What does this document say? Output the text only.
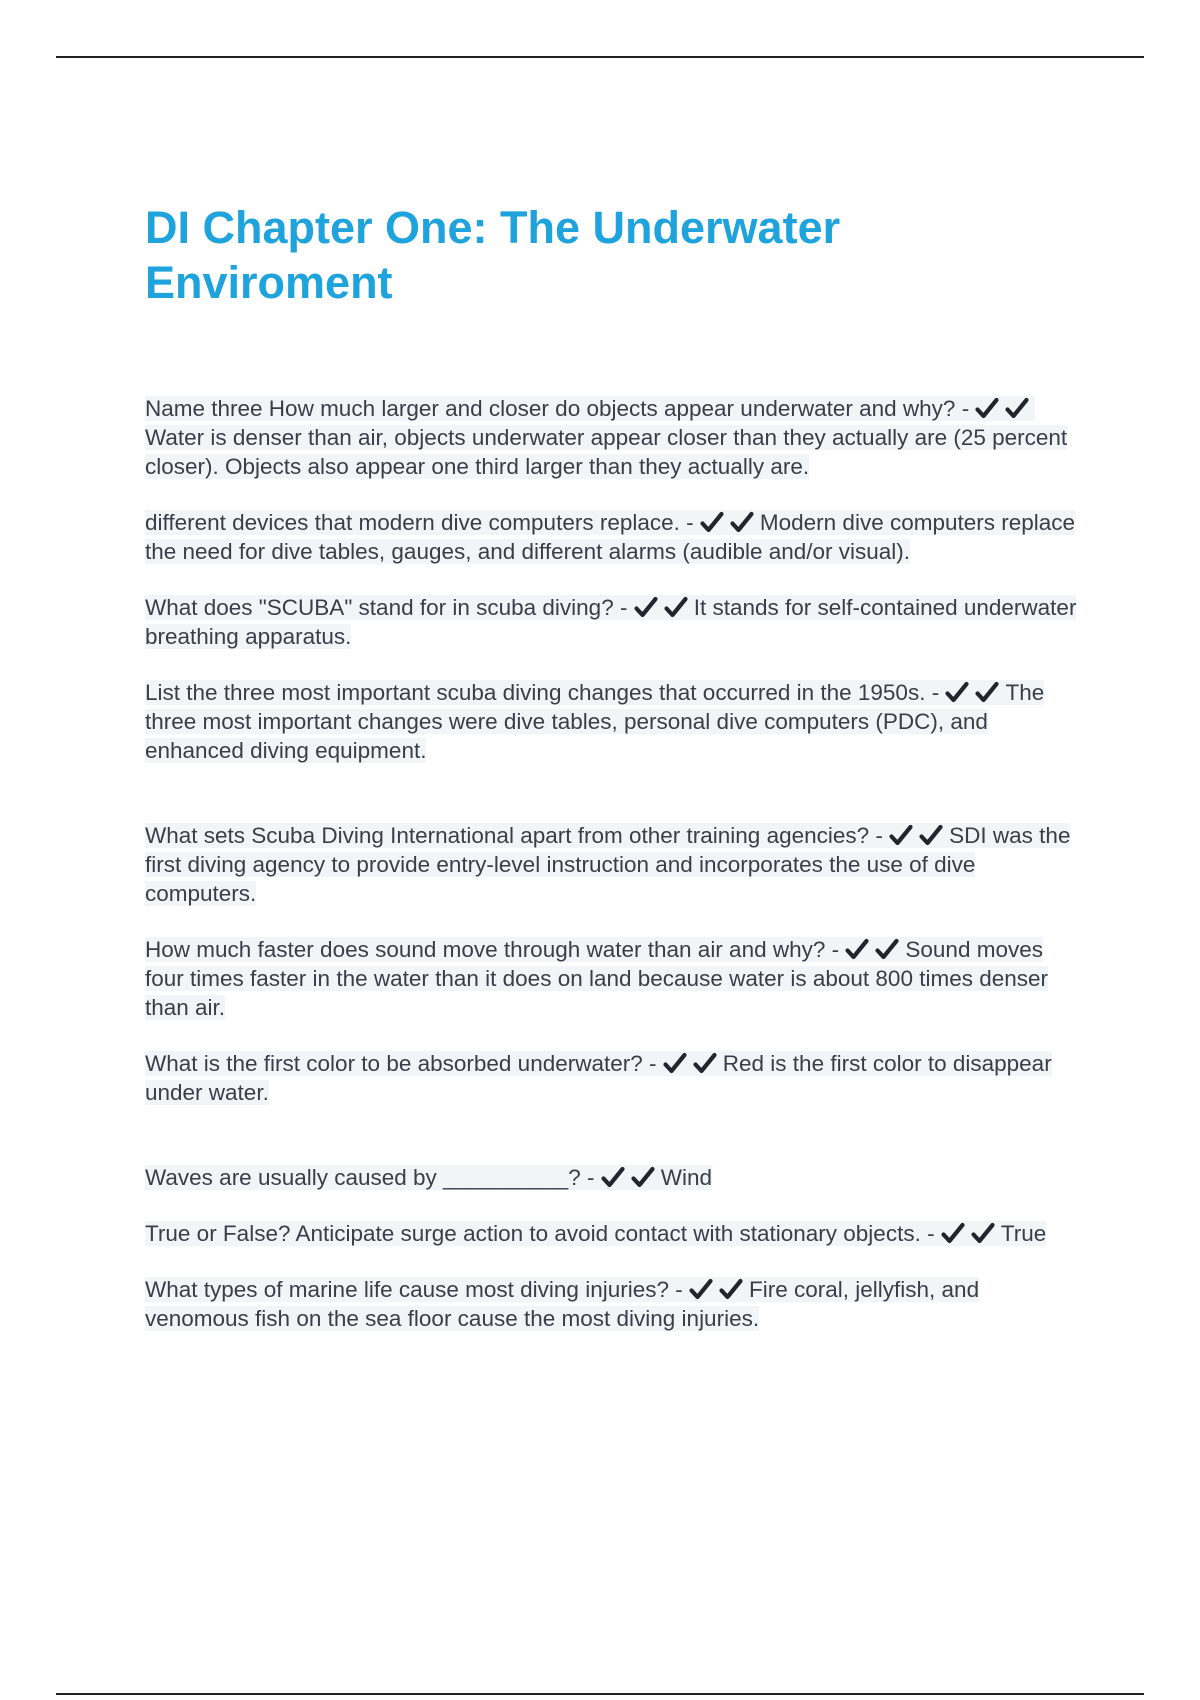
DI Chapter One: The Underwater Enviroment

Name three How much larger and closer do objects appear underwater and why? -
Water is denser than air, objects underwater appear closer than they actually are (25 percent closer). Objects also appear one third larger than they actually are.

different devices that modern dive computers replace. -	Modern dive computers replace the need for dive tables, gauges, and different alarms (audible and/or visual).

What does "SCUBA" stand for in scuba diving? -	It stands for self-contained underwater breathing apparatus.

List the three most important scuba diving changes that occurred in the 1950s. -	The three most important changes were dive tables, personal dive computers (PDC), and enhanced diving equipment.

What sets Scuba Diving International apart from other training agencies? -	SDI was the first diving agency to provide entry-level instruction and incorporates the use of dive computers.

How much faster does sound move through water than air and why? -	Sound moves four times faster in the water than it does on land because water is about 800 times denser than air.

What is the first color to be absorbed underwater? -	Red is the first color to disappear under water.

Waves are usually caused by __________? -	Wind

True or False? Anticipate surge action to avoid contact with stationary objects. -	True

What types of marine life cause most diving injuries? -	Fire coral, jellyfish, and venomous fish on the sea floor cause the most diving injuries.
